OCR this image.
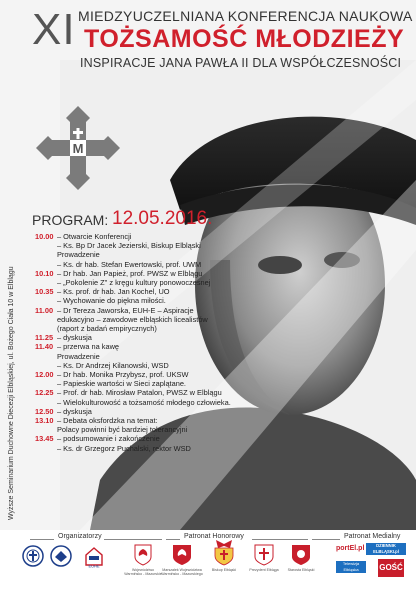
XI MIEDZYUCZELNIANA KONFERENCJA NAUKOWA
TOŻSAMOŚĆ MŁODZIEŻY
INSPIRACJE JANA PAWŁA II DLA WSPÓŁCZESNOŚCI
M
PROGRAM: 12.05.2016.
10.00 – Otwarcie Konferencji
– Ks. Bp Dr Jacek Jezierski, Biskup Elbląski
Prowadzenie
– Ks. dr hab. Stefan Ewertowski, prof. UWM
10.10 – Dr hab. Jan Papież, prof. PWSZ w Elblągu
– „Pokolenie Z" z kręgu kultury ponowoczesnej
10.35 – Ks. prof. dr hab. Jan Kochel, UO
– Wychowanie do piękna miłości.
11.00 – Dr Tereza Jaworska, EUH-E – Aspiracje
edukacyjno – zawodowe elbląskich licealistów
(raport z badań empirycznych)
11.25 – dyskusja
11.40 – przerwa na kawę
Prowadzenie
– Ks. Dr Andrzej Kilanowski, WSD
12.00 – Dr hab. Monika Przybysz, prof. UKSW
– Papieskie wartości w Sieci zaplątane.
12.25 – Prof. dr hab. Mirosław Patalon, PWSZ w Elblągu
– Wielokulturowość a tożsamość młodego człowieka.
12.50 – dyskusja
13.10 – Debata oksfordzka na temat:
Polacy powinni być bardziej tolerancyjni
13.45 – podsumowanie i zakończenie
– Ks. dr Grzegorz Puchalski, rektor WSD
Wyższe Seminarium Duchowne Diecezji Elbląskiej, ul. Bożego Ciała 10 w Elblągu
Organizatorzy	Patronat Honorowy	Patronat Medialny
EUHE
Województwo Warmińsko - Mazurskie
Marszałek Województwa Warmińsko - Mazurskiego
Biskup Elbląski	Prezydent Elbląga	Starosta Elbląski
portEl.pl	DZIENNIK ELBLĄSKI.pl
Telewizja Elbląska	GOŚĆ
